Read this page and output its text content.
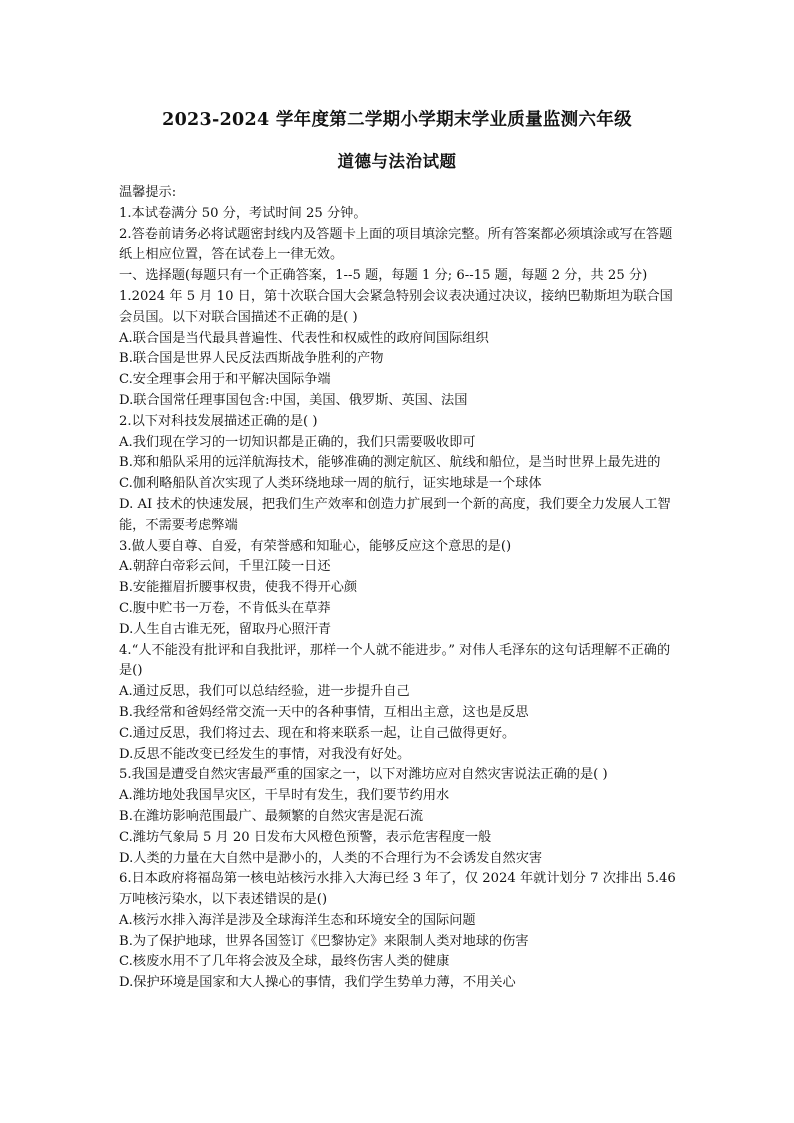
2023-2024 学年度第二学期小学期末学业质量监测六年级
道德与法治试题

温馨提示:

1.本试卷满分 50 分，考试时间 25 分钟。

2.答卷前请务必将试题密封线内及答题卡上面的项目填涂完整。所有答案都必须填涂或写在答题纸上相应位置，答在试卷上一律无效。

一、选择题(每题只有一个正确答案，1--5 题，每题 1 分; 6--15 题，每题 2 分，共 25 分)

1.2024 年 5 月 10 日，第十次联合国大会紧急特别会议表决通过决议，接纳巴勒斯坦为联合国会员国。以下对联合国描述不正确的是( )

A.联合国是当代最具普遍性、代表性和权威性的政府间国际组织

B.联合国是世界人民反法西斯战争胜利的产物

C.安全理事会用于和平解决国际争端

D.联合国常任理事国包含:中国，美国、俄罗斯、英国、法国

2.以下对科技发展描述正确的是( )

A.我们现在学习的一切知识都是正确的，我们只需要吸收即可

B.郑和船队采用的远洋航海技术，能够准确的测定航区、航线和船位，是当时世界上最先进的

C.伽利略船队首次实现了人类环绕地球一周的航行，证实地球是一个球体

D. AI 技术的快速发展，把我们生产效率和创造力扩展到一个新的高度，我们要全力发展人工智能，不需要考虑弊端

3.做人要自尊、自爱，有荣誉感和知耻心，能够反应这个意思的是()

A.朝辞白帝彩云间，千里江陵一日还

B.安能摧眉折腰事权贵，使我不得开心颜

C.腹中贮书一万卷，不肯低头在草莽

D.人生自古谁无死，留取丹心照汗青

4.“人不能没有批评和自我批评，那样一个人就不能进步。” 对伟人毛泽东的这句话理解不正确的是()

A.通过反思，我们可以总结经验，进一步提升自己

B.我经常和爸妈经常交流一天中的各种事情，互相出主意，这也是反思

C.通过反思，我们将过去、现在和将来联系一起，让自己做得更好。

D.反思不能改变已经发生的事情，对我没有好处。

5.我国是遭受自然灾害最严重的国家之一，以下对潍坊应对自然灾害说法正确的是( )

A.潍坊地处我国旱灾区，干旱时有发生，我们要节约用水

B.在潍坊影响范围最广、最频繁的自然灾害是泥石流

C.潍坊气象局 5 月 20 日发布大风橙色预警，表示危害程度一般

D.人类的力量在大自然中是渺小的，人类的不合理行为不会诱发自然灾害

6.日本政府将福岛第一核电站核污水排入大海已经 3 年了，仅 2024 年就计划分 7 次排出 5.46 万吨核污染水，以下表述错误的是()

A.核污水排入海洋是涉及全球海洋生态和环境安全的国际问题

B.为了保护地球，世界各国签订《巴黎协定》来限制人类对地球的伤害

C.核废水用不了几年将会波及全球，最终伤害人类的健康

D.保护环境是国家和大人操心的事情，我们学生势单力薄，不用关心
